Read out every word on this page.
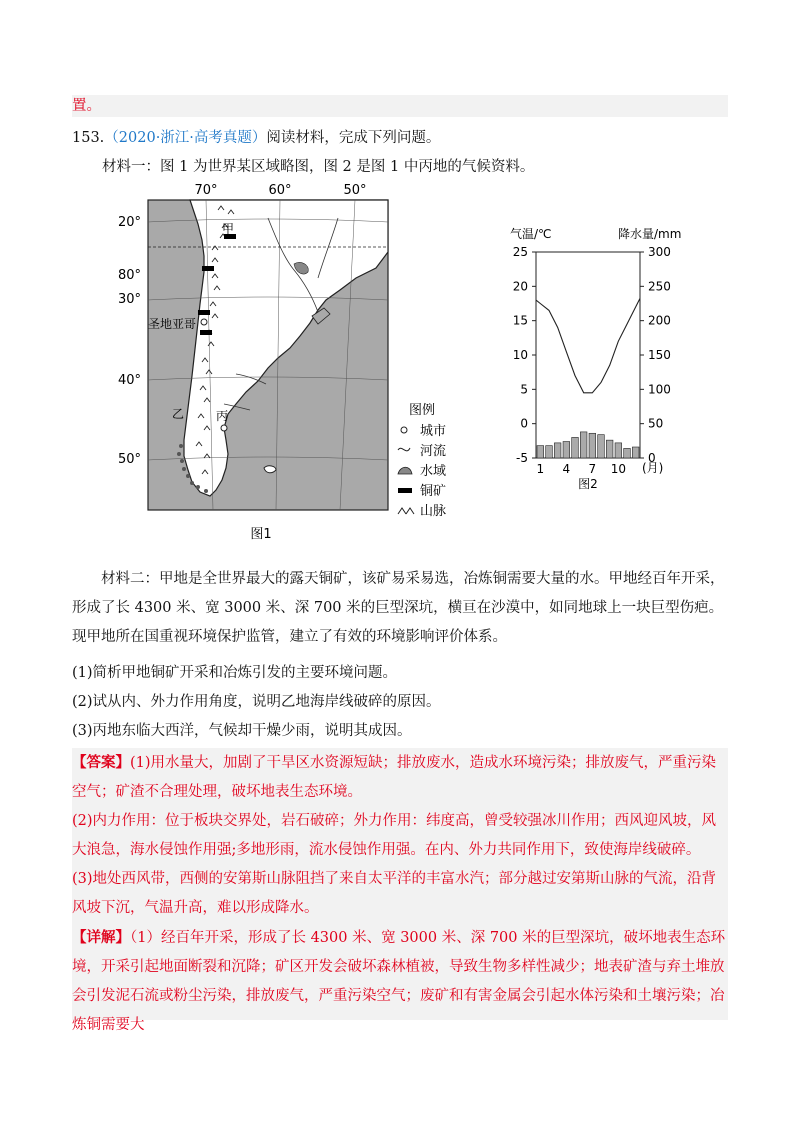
置。
153.（2020·浙江·高考真题）阅读材料，完成下列问题。
材料一：图 1 为世界某区域略图，图 2 是图 1 中丙地的气候资料。
70°	60°	50°
20°
80°
30°
40°
50°
甲
圣地亚哥
乙	丙	图例
城市
河流
水域
铜矿
山脉
图1
气温/℃	降水量/mm
25
20
15
10
5
0
-5
300
250
200
150
100
50
0
1 4 7 10 (月)
图2
材料二：甲地是全世界最大的露天铜矿，该矿易采易选，冶炼铜需要大量的水。甲地经百年开采，形成了长 4300 米、宽 3000 米、深 700 米的巨型深坑，横亘在沙漠中，如同地球上一块巨型伤疤。现甲地所在国重视环境保护监管，建立了有效的环境影响评价体系。
(1)简析甲地铜矿开采和冶炼引发的主要环境问题。
(2)试从内、外力作用角度，说明乙地海岸线破碎的原因。
(3)丙地东临大西洋，气候却干燥少雨，说明其成因。
【答案】(1)用水量大，加剧了干旱区水资源短缺；排放废水，造成水环境污染；排放废气，严重污染空气；矿渣不合理处理，破坏地表生态环境。
(2)内力作用：位于板块交界处，岩石破碎；外力作用：纬度高，曾受较强冰川作用；西风迎风坡，风大浪急，海水侵蚀作用强;多地形雨，流水侵蚀作用强。在内、外力共同作用下，致使海岸线破碎。
(3)地处西风带，西侧的安第斯山脉阻挡了来自太平洋的丰富水汽；部分越过安第斯山脉的气流，沿背风坡下沉，气温升高，难以形成降水。
【详解】（1）经百年开采，形成了长 4300 米、宽 3000 米、深 700 米的巨型深坑，破坏地表生态环境，开采引起地面断裂和沉降；矿区开发会破坏森林植被，导致生物多样性减少；地表矿渣与弃土堆放会引发泥石流或粉尘污染，排放废气，严重污染空气；废矿和有害金属会引起水体污染和土壤污染；冶炼铜需要大
